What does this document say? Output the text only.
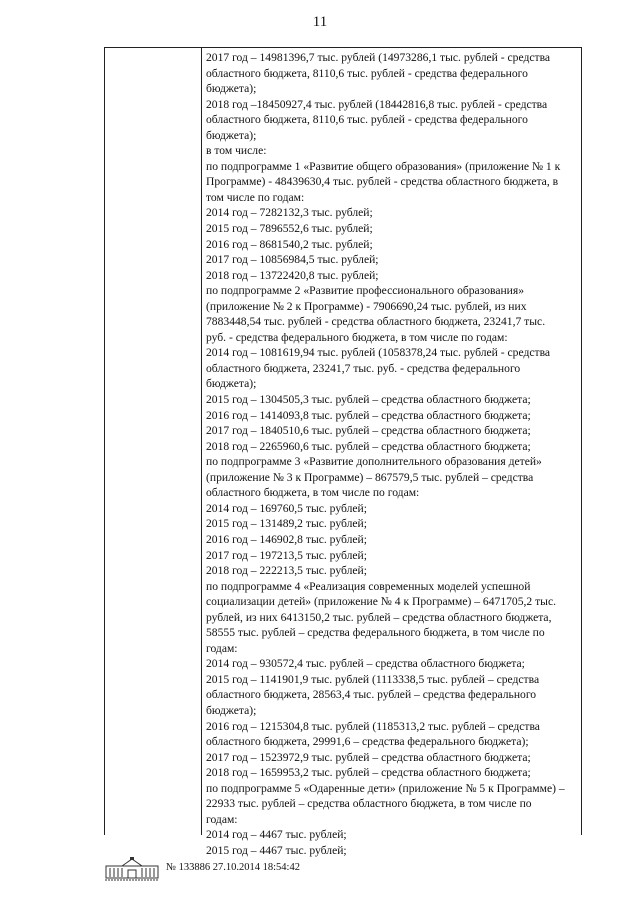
11
2017 год – 14981396,7 тыс. рублей (14973286,1 тыс. рублей - средства
областного бюджета, 8110,6 тыс. рублей - средства федерального
бюджета);
2018 год –18450927,4 тыс. рублей (18442816,8 тыс. рублей - средства
областного бюджета, 8110,6 тыс. рублей - средства федерального
бюджета);
в том числе:
по подпрограмме 1 «Развитие общего образования» (приложение № 1 к
Программе) - 48439630,4 тыс. рублей - средства областного бюджета, в
том числе по годам:
2014 год – 7282132,3 тыс. рублей;
2015 год – 7896552,6 тыс. рублей;
2016 год – 8681540,2 тыс. рублей;
2017 год – 10856984,5 тыс. рублей;
2018 год – 13722420,8 тыс. рублей;
по подпрограмме 2 «Развитие профессионального образования»
(приложение № 2 к Программе) - 7906690,24 тыс. рублей, из них
7883448,54 тыс. рублей - средства областного бюджета, 23241,7 тыс.
руб. - средства федерального бюджета, в том числе по годам:
2014 год – 1081619,94 тыс. рублей (1058378,24 тыс. рублей - средства
областного бюджета, 23241,7 тыс. руб. - средства федерального
бюджета);
2015 год – 1304505,3 тыс. рублей – средства областного бюджета;
2016 год – 1414093,8 тыс. рублей – средства областного бюджета;
2017 год – 1840510,6 тыс. рублей – средства областного бюджета;
2018 год – 2265960,6 тыс. рублей – средства областного бюджета;
по подпрограмме 3 «Развитие дополнительного образования детей»
(приложение № 3 к Программе) – 867579,5 тыс. рублей – средства
областного бюджета, в том числе по годам:
2014 год – 169760,5 тыс. рублей;
2015 год – 131489,2 тыс. рублей;
2016 год – 146902,8 тыс. рублей;
2017 год – 197213,5 тыс. рублей;
2018 год – 222213,5 тыс. рублей;
по подпрограмме 4 «Реализация современных моделей успешной
социализации детей» (приложение № 4 к Программе) – 6471705,2 тыс.
рублей, из них 6413150,2 тыс. рублей – средства областного бюджета,
58555 тыс. рублей – средства федерального бюджета, в том числе по
годам:
2014 год – 930572,4 тыс. рублей – средства областного бюджета;
2015 год – 1141901,9 тыс. рублей (1113338,5 тыс. рублей – средства
областного бюджета, 28563,4 тыс. рублей – средства федерального
бюджета);
2016 год – 1215304,8 тыс. рублей (1185313,2 тыс. рублей – средства
областного бюджета, 29991,6 – средства федерального бюджета);
2017 год – 1523972,9 тыс. рублей – средства областного бюджета;
2018 год – 1659953,2 тыс. рублей – средства областного бюджета;
по подпрограмме 5 «Одаренные дети» (приложение № 5 к Программе) –
22933 тыс. рублей – средства областного бюджета, в том числе по
годам:
2014 год – 4467 тыс. рублей;
2015 год – 4467 тыс. рублей;
№ 133886 27.10.2014 18:54:42
